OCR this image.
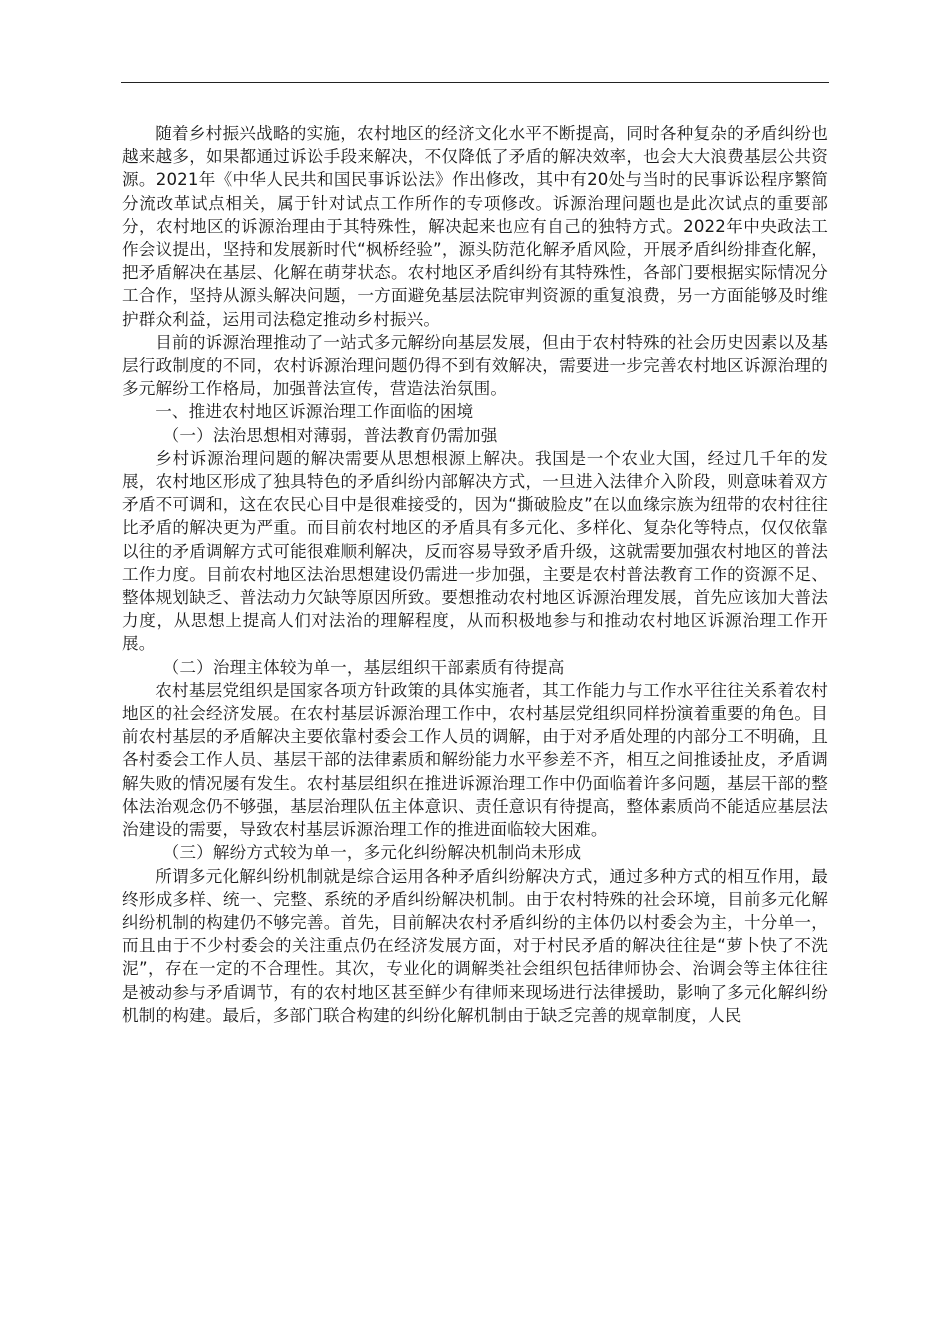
随着乡村振兴战略的实施，农村地区的经济文化水平不断提高，同时各种复杂的矛盾纠纷也越来越多，如果都通过诉讼手段来解决，不仅降低了矛盾的解决效率，也会大大浪费基层公共资源。2021年《中华人民共和国民事诉讼法》作出修改，其中有20处与当时的民事诉讼程序繁简分流改革试点相关，属于针对试点工作所作的专项修改。诉源治理问题也是此次试点的重要部分，农村地区的诉源治理由于其特殊性，解决起来也应有自己的独特方式。2022年中央政法工作会议提出，坚持和发展新时代“枫桥经验”，源头防范化解矛盾风险，开展矛盾纠纷排查化解，把矛盾解决在基层、化解在萌芽状态。农村地区矛盾纠纷有其特殊性，各部门要根据实际情况分工合作，坚持从源头解决问题，一方面避免基层法院审判资源的重复浪费，另一方面能够及时维护群众利益，运用司法稳定推动乡村振兴。

目前的诉源治理推动了一站式多元解纷向基层发展，但由于农村特殊的社会历史因素以及基层行政制度的不同，农村诉源治理问题仍得不到有效解决，需要进一步完善农村地区诉源治理的多元解纷工作格局，加强普法宣传，营造法治氛围。

一、推进农村地区诉源治理工作面临的困境

（一）法治思想相对薄弱，普法教育仍需加强

乡村诉源治理问题的解决需要从思想根源上解决。我国是一个农业大国，经过几千年的发展，农村地区形成了独具特色的矛盾纠纷内部解决方式，一旦进入法律介入阶段，则意味着双方矛盾不可调和，这在农民心目中是很难接受的，因为“撕破脸皮”在以血缘宗族为纽带的农村往往比矛盾的解决更为严重。而目前农村地区的矛盾具有多元化、多样化、复杂化等特点，仅仅依靠以往的矛盾调解方式可能很难顺利解决，反而容易导致矛盾升级，这就需要加强农村地区的普法工作力度。目前农村地区法治思想建设仍需进一步加强，主要是农村普法教育工作的资源不足、整体规划缺乏、普法动力欠缺等原因所致。要想推动农村地区诉源治理发展，首先应该加大普法力度，从思想上提高人们对法治的理解程度，从而积极地参与和推动农村地区诉源治理工作开展。

（二）治理主体较为单一，基层组织干部素质有待提高

农村基层党组织是国家各项方针政策的具体实施者，其工作能力与工作水平往往关系着农村地区的社会经济发展。在农村基层诉源治理工作中，农村基层党组织同样扮演着重要的角色。目前农村基层的矛盾解决主要依靠村委会工作人员的调解，由于对矛盾处理的内部分工不明确，且各村委会工作人员、基层干部的法律素质和解纷能力水平参差不齐，相互之间推诿扯皮，矛盾调解失败的情况屡有发生。农村基层组织在推进诉源治理工作中仍面临着许多问题，基层干部的整体法治观念仍不够强，基层治理队伍主体意识、责任意识有待提高，整体素质尚不能适应基层法治建设的需要，导致农村基层诉源治理工作的推进面临较大困难。

（三）解纷方式较为单一，多元化纠纷解决机制尚未形成

所谓多元化解纠纷机制就是综合运用各种矛盾纠纷解决方式，通过多种方式的相互作用，最终形成多样、统一、完整、系统的矛盾纠纷解决机制。由于农村特殊的社会环境，目前多元化解纠纷机制的构建仍不够完善。首先，目前解决农村矛盾纠纷的主体仍以村委会为主，十分单一，而且由于不少村委会的关注重点仍在经济发展方面，对于村民矛盾的解决往往是“萝卜快了不洗泥”，存在一定的不合理性。其次，专业化的调解类社会组织包括律师协会、治调会等主体往往是被动参与矛盾调节，有的农村地区甚至鲜少有律师来现场进行法律援助，影响了多元化解纠纷机制的构建。最后，多部门联合构建的纠纷化解机制由于缺乏完善的规章制度，人民
